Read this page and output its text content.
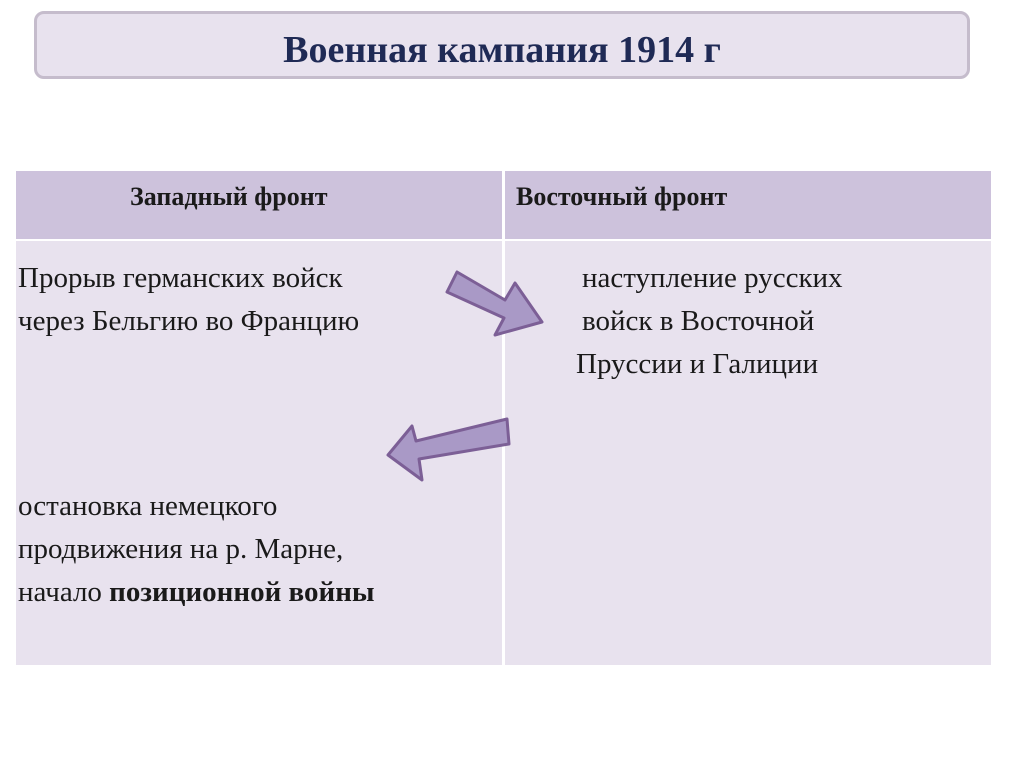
Военная кампания 1914 г
Западный фронт	Восточный фронт
Прорыв германских войск
через Бельгию во Францию
наступление русских
войск в Восточной
Пруссии и Галиции
остановка немецкого
продвижения на р. Марне,
начало позиционной войны
